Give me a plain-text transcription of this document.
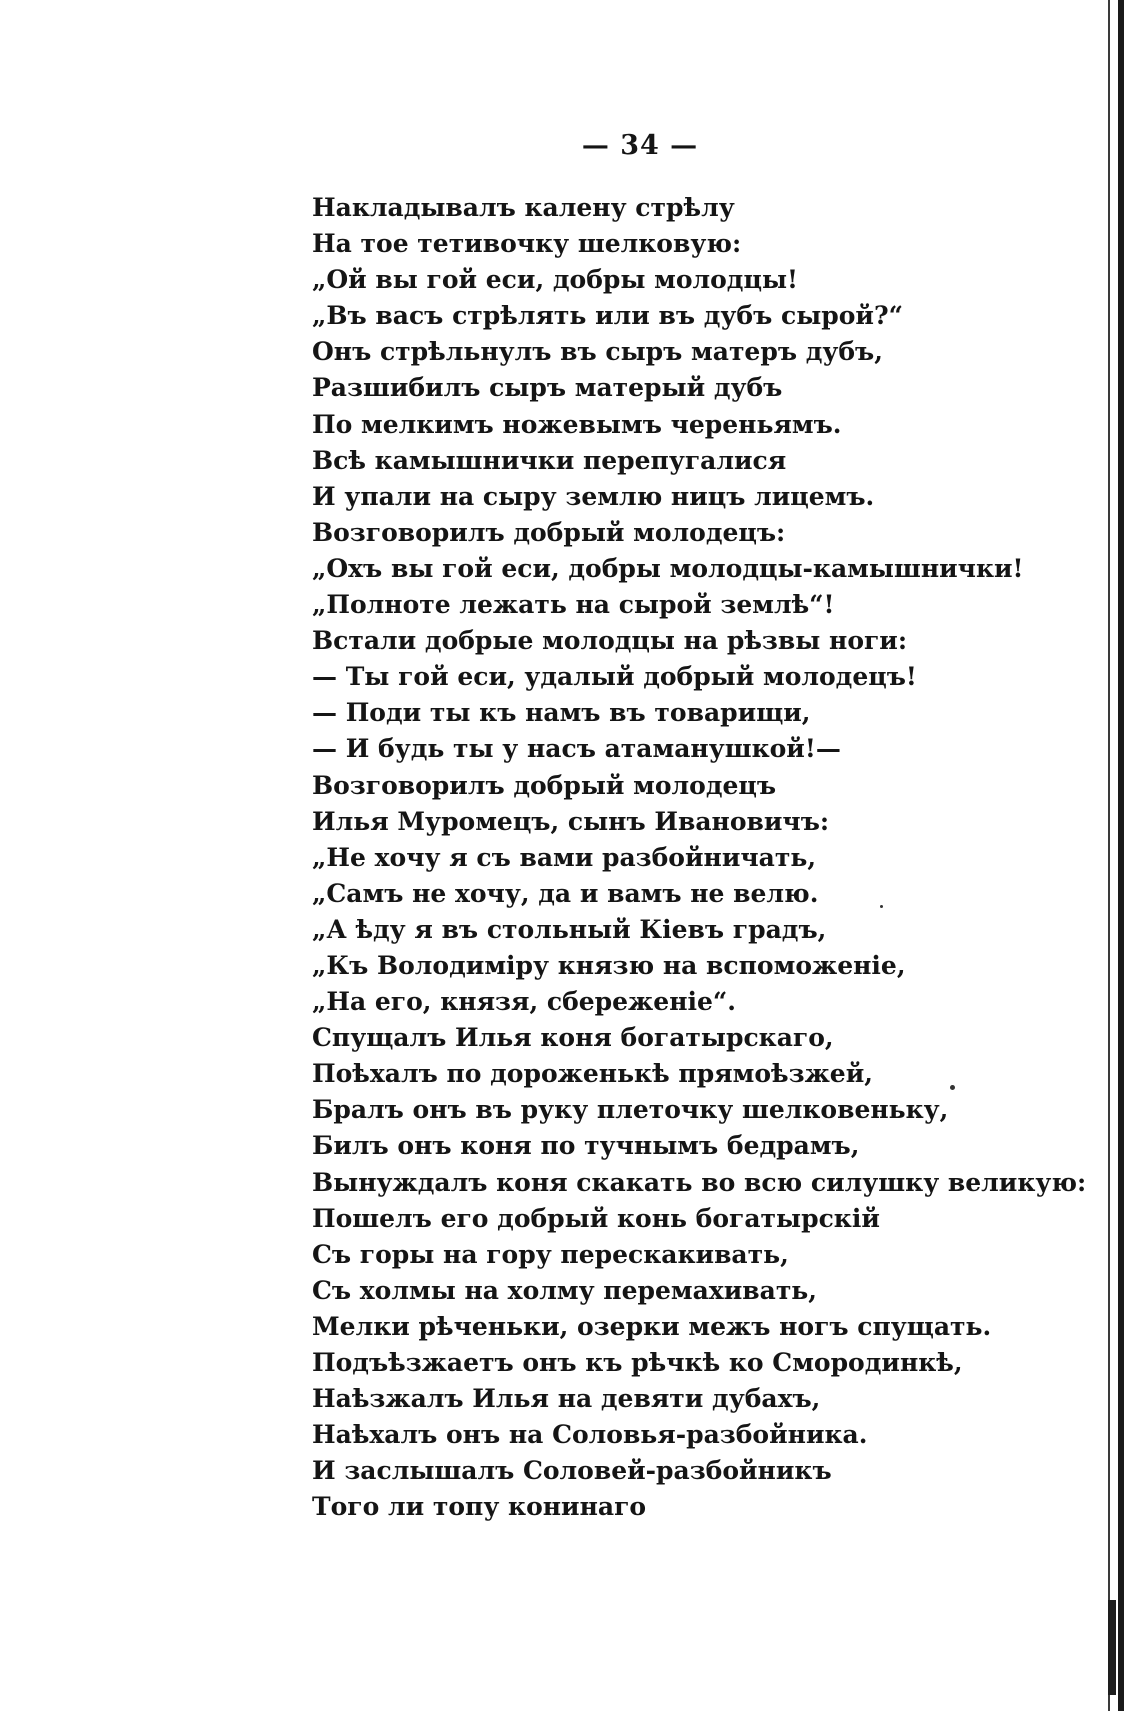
— 34 —
Накладывалъ калену стрѣлу
На тое тетивочку шелковую:
„Ой вы гой еси, добры молодцы!
„Въ васъ стрѣлять или въ дубъ сырой?“
Онъ стрѣльнулъ въ сыръ матеръ дубъ,
Разшибилъ сыръ матерый дубъ
По мелкимъ ножевымъ череньямъ.
Всѣ камышнички перепугалися
И упали на сыру землю ницъ лицемъ.
Возговорилъ добрый молодецъ:
„Охъ вы гой еси, добры молодцы-камышнички!
„Полноте лежать на сырой землѣ“!
Встали добрые молодцы на рѣзвы ноги:
— Ты гой еси, удалый добрый молодецъ!
— Поди ты къ намъ въ товарищи,
— И будь ты у насъ атаманушкой!—
Возговорилъ добрый молодецъ
Илья Муромецъ, сынъ Ивановичъ:
„Не хочу я съ вами разбойничать,
„Самъ не хочу, да и вамъ не велю.
„А ѣду я въ стольный Кіевъ градъ,
„Къ Володиміру князю на вспоможеніе,
„На его, князя, сбереженіе“.
Спущалъ Илья коня богатырскаго,
Поѣхалъ по дороженькѣ прямоѣзжей,
Бралъ онъ въ руку плеточку шелковеньку,
Билъ онъ коня по тучнымъ бедрамъ,
Вынуждалъ коня скакать во всю силушку великую:
Пошелъ его добрый конь богатырскій
Съ горы на гору перескакивать,
Съ холмы на холму перемахивать,
Мелки рѣченьки, озерки межъ ногъ спущать.
Подъѣзжаетъ онъ къ рѣчкѣ ко Смородинкѣ,
Наѣзжалъ Илья на девяти дубахъ,
Наѣхалъ онъ на Соловья-разбойника.
И заслышалъ Соловей-разбойникъ
Того ли топу конинаго
